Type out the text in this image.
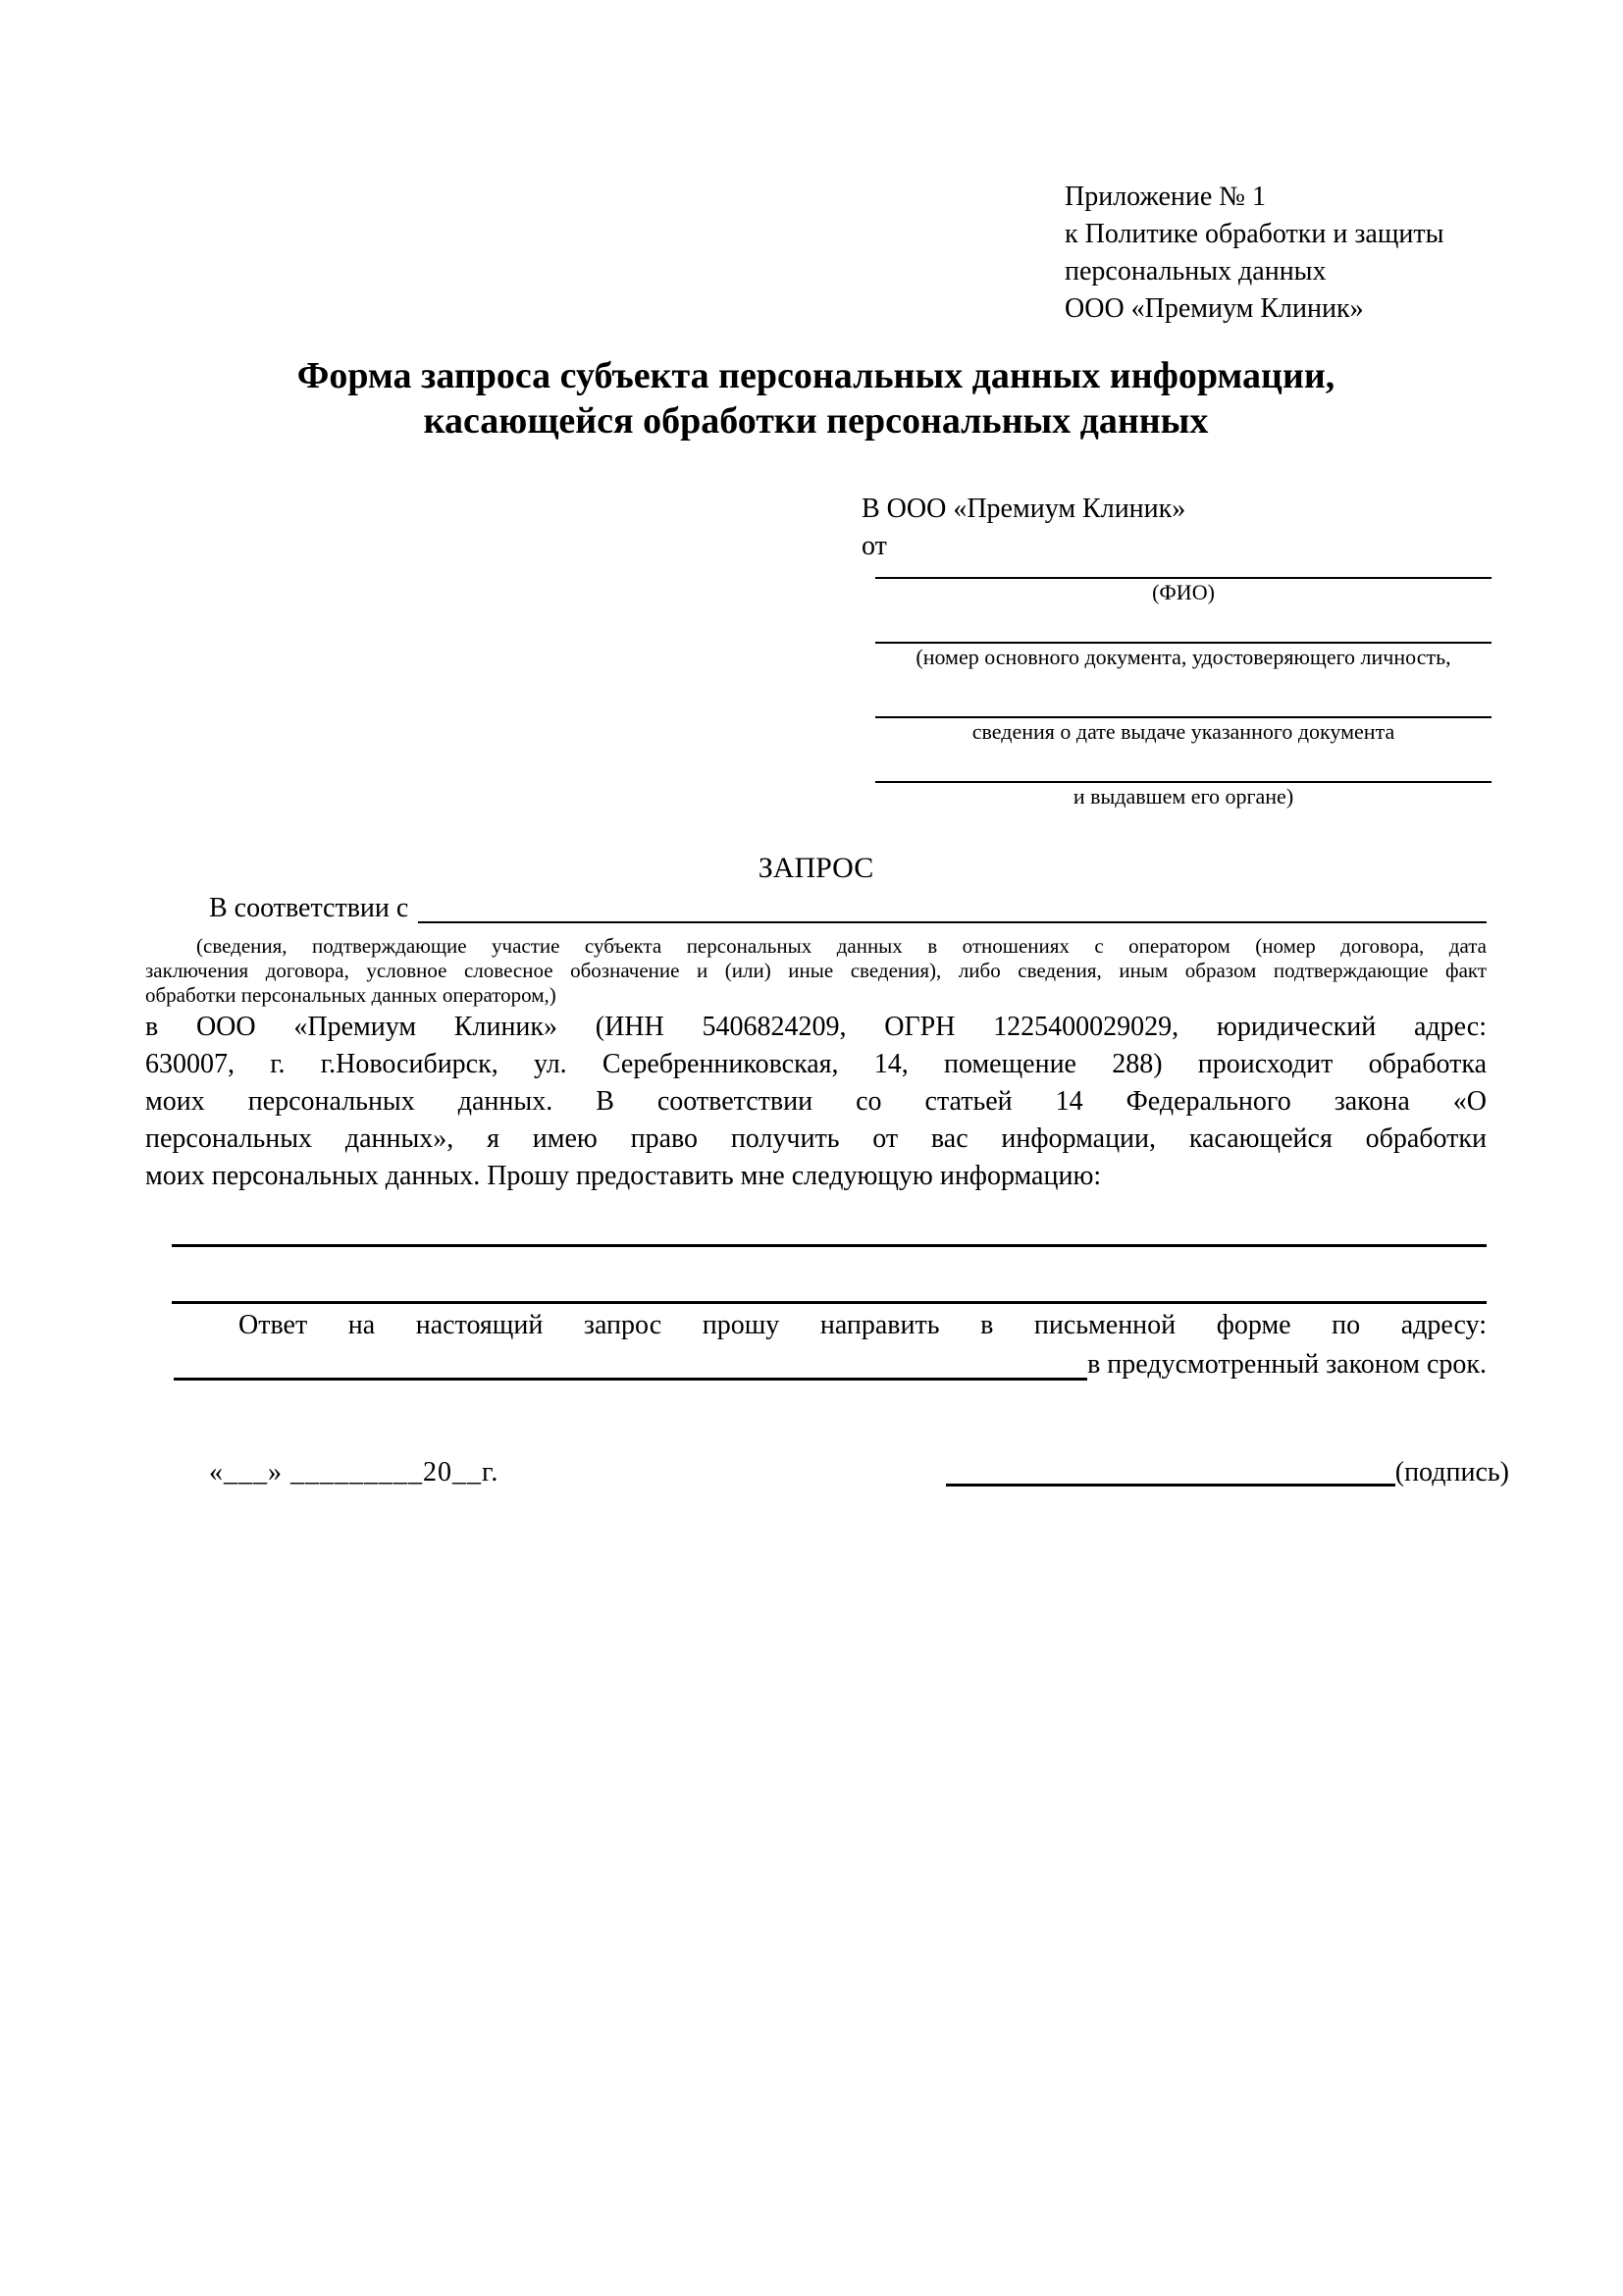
Приложение № 1
к Политике обработки и защиты
персональных данных
ООО «Премиум Клиник»
Форма запроса субъекта персональных данных информации,
касающейся обработки персональных данных
В ООО «Премиум Клиник»
от
(ФИО)
(номер основного документа, удостоверяющего личность,
сведения о дате выдаче указанного документа
и выдавшем его органе)
ЗАПРОС
В соответствии с
(сведения, подтверждающие участие субъекта персональных данных в отношениях с оператором (номер договора, дата
заключения договора, условное словесное обозначение и (или) иные сведения), либо сведения, иным образом подтверждающие факт
обработки персональных данных оператором,)
в ООО «Премиум Клиник» (ИНН 5406824209, ОГРН 1225400029029, юридический адрес:
630007, г. г.Новосибирск, ул. Серебренниковская, 14, помещение 288) происходит обработка
моих персональных данных. В соответствии со статьей 14 Федерального закона «О
персональных данных», я имею право получить от вас информации, касающейся обработки
моих персональных данных. Прошу предоставить мне следующую информацию:
Ответ на настоящий запрос прошу направить в письменной форме по адресу:
в предусмотренный законом срок.
«___» _________20__г.	(подпись)
